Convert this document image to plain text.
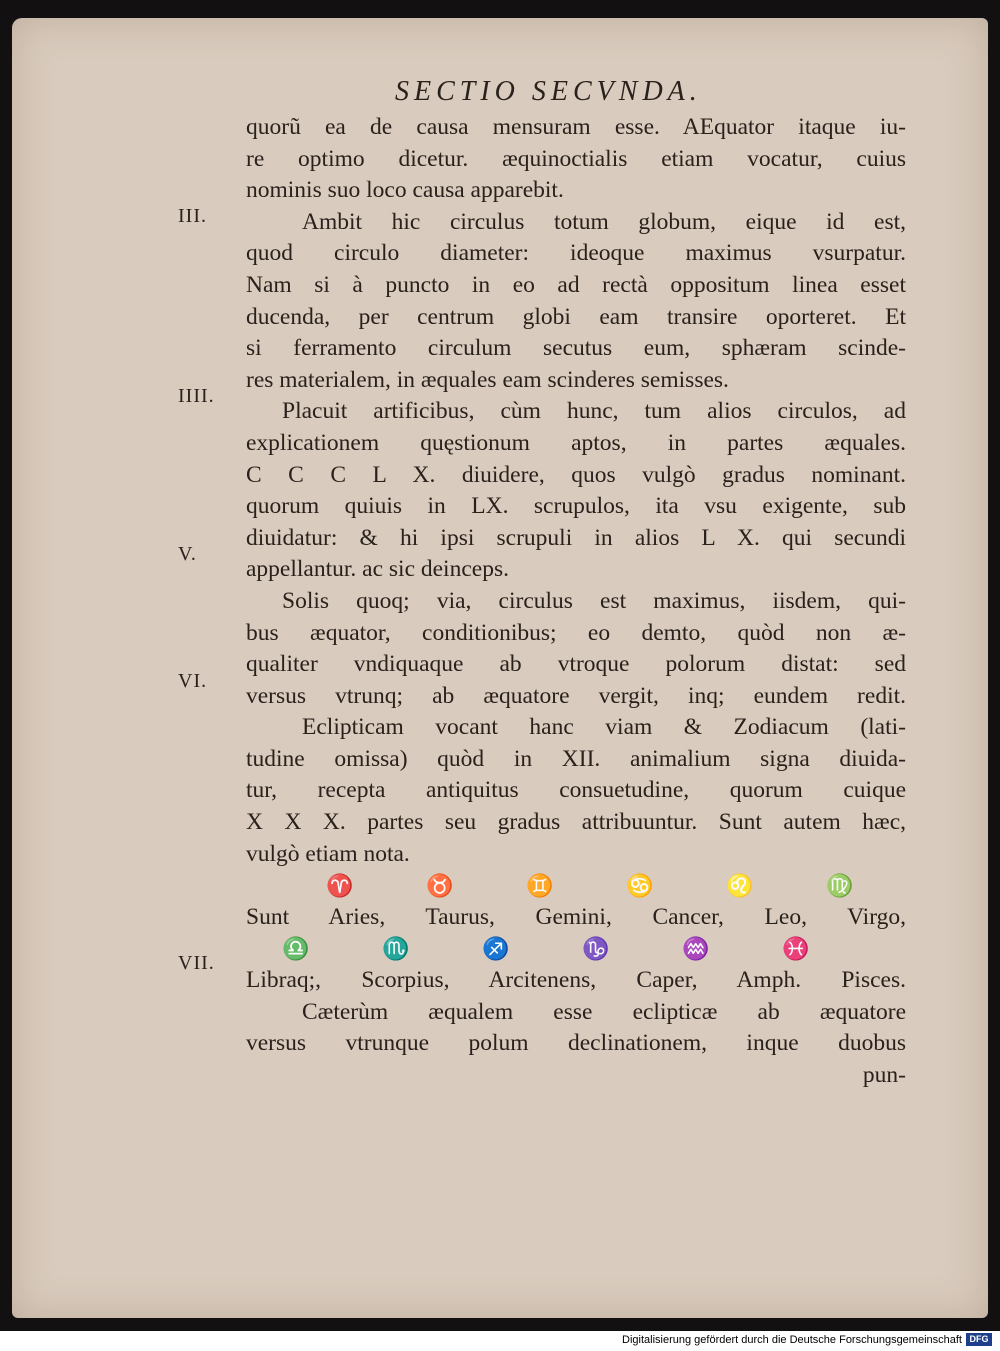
SECTIO SECVNDA.
III.
IIII.
V.
VI.
VII.
quorũ ea de causa mensuram esse. AEquator itaque iu-
re optimo dicetur. æquinoctialis etiam vocatur, cuius
nominis suo loco causa apparebit.
Ambit hic circulus totum globum, eique id est,
quod circulo diameter: ideoque maximus vsurpatur.
Nam si à puncto in eo ad rectà oppositum linea esset
ducenda, per centrum globi eam transire oporteret. Et
si ferramento circulum secutus eum, sphæram scinde-
res materialem, in æquales eam scinderes semisses.
Placuit artificibus, cùm hunc, tum alios circulos, ad
explicationem quęstionum aptos, in partes æquales.
C C C L X. diuidere, quos vulgò gradus nominant.
quorum quiuis in LX. scrupulos, ita vsu exigente, sub
diuidatur: & hi ipsi scrupuli in alios L X. qui secundi
appellantur. ac sic deinceps.
Solis quoq; via, circulus est maximus, iisdem, qui-
bus æquator, conditionibus; eo demto, quòd non æ-
qualiter vndiquaque ab vtroque polorum distat: sed
versus vtrunq; ab æquatore vergit, inq; eundem redit.
Eclipticam vocant hanc viam & Zodiacum (lati-
tudine omissa) quòd in XII. animalium signa diuida-
tur, recepta antiquitus consuetudine, quorum cuique
X X X. partes seu gradus attribuuntur. Sunt autem hæc,
vulgò etiam nota.
♈	♉	♊	♋	♌	♍
Sunt Aries, Taurus, Gemini, Cancer, Leo, Virgo,
♎	♏	♐	♑	♒	♓
Libraq;, Scorpius, Arcitenens, Caper, Amph. Pisces.
Cæterùm æqualem esse eclipticæ ab æquatore
versus vtrunque polum declinationem, inque duobus
pun-
Digitalisierung gefördert durch die Deutsche Forschungsgemeinschaft DFG
